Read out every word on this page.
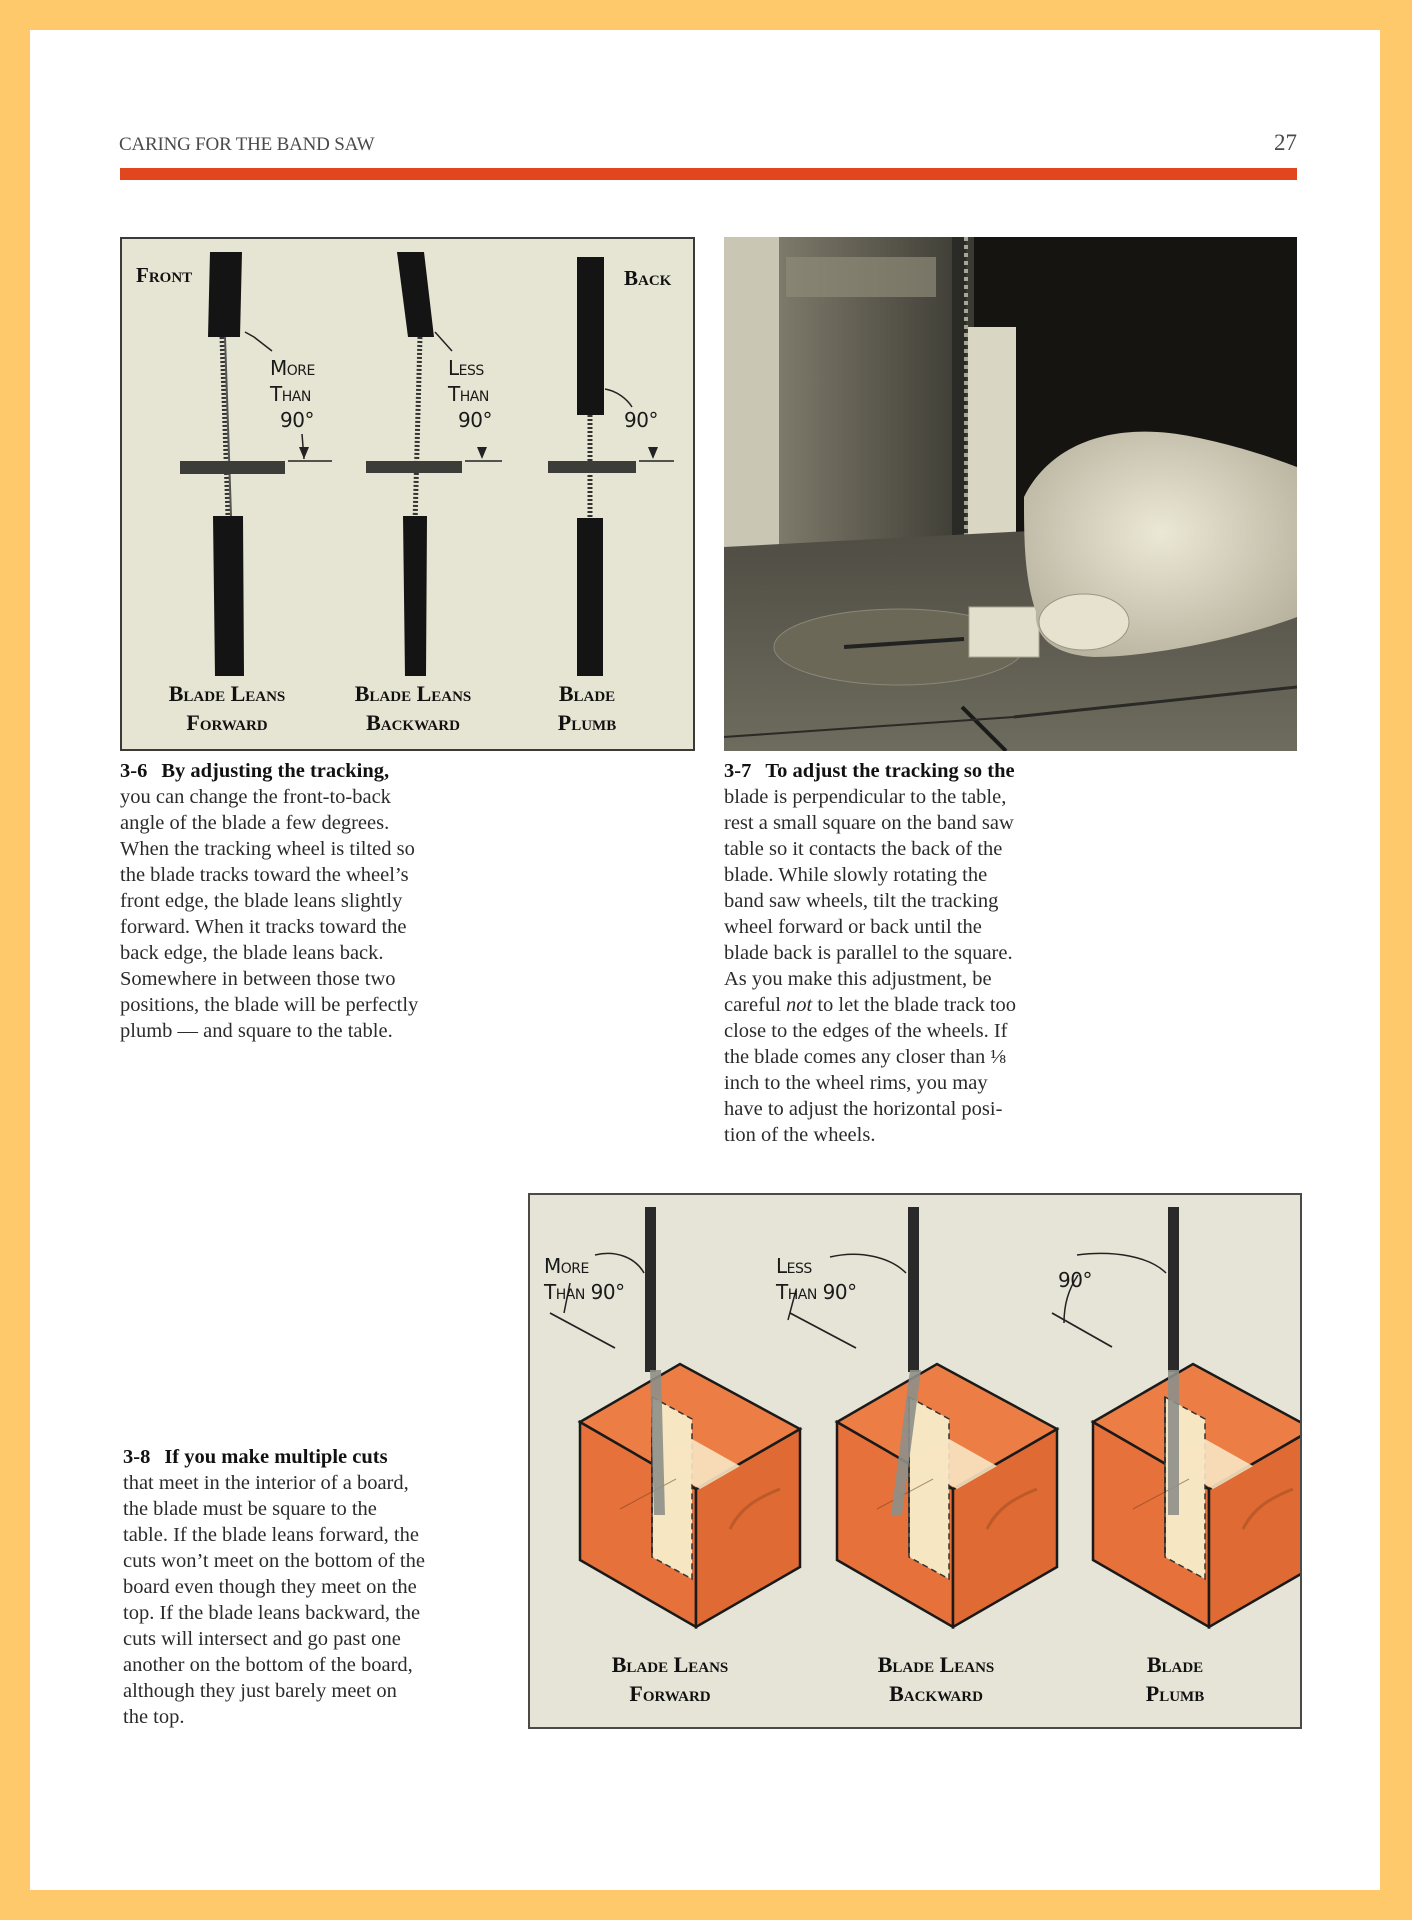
CARING FOR THE BAND SAW	27
Front	Back
More
Than
90°
Less
Than
90°	90°
Blade Leans
Forward
Blade Leans
Backward
Blade
Plumb
3-6 By adjusting the tracking,
you can change the front-to-back
angle of the blade a few degrees.
When the tracking wheel is tilted so
the blade tracks toward the wheel’s
front edge, the blade leans slightly
forward. When it tracks toward the
back edge, the blade leans back.
Somewhere in between those two
positions, the blade will be perfectly
plumb — and square to the table.
3-7 To adjust the tracking so the
blade is perpendicular to the table,
rest a small square on the band saw
table so it contacts the back of the
blade. While slowly rotating the
band saw wheels, tilt the tracking
wheel forward or back until the
blade back is parallel to the square.
As you make this adjustment, be
careful not to let the blade track too
close to the edges of the wheels. If
the blade comes any closer than ⅛
inch to the wheel rims, you may
have to adjust the horizontal posi-
tion of the wheels.
3-8 If you make multiple cuts
that meet in the interior of a board,
the blade must be square to the
table. If the blade leans forward, the
cuts won’t meet on the bottom of the
board even though they meet on the
top. If the blade leans backward, the
cuts will intersect and go past one
another on the bottom of the board,
although they just barely meet on
the top.
More
Than 90°
Less
Than 90°	90°
Blade Leans
Forward
Blade Leans
Backward
Blade
Plumb
